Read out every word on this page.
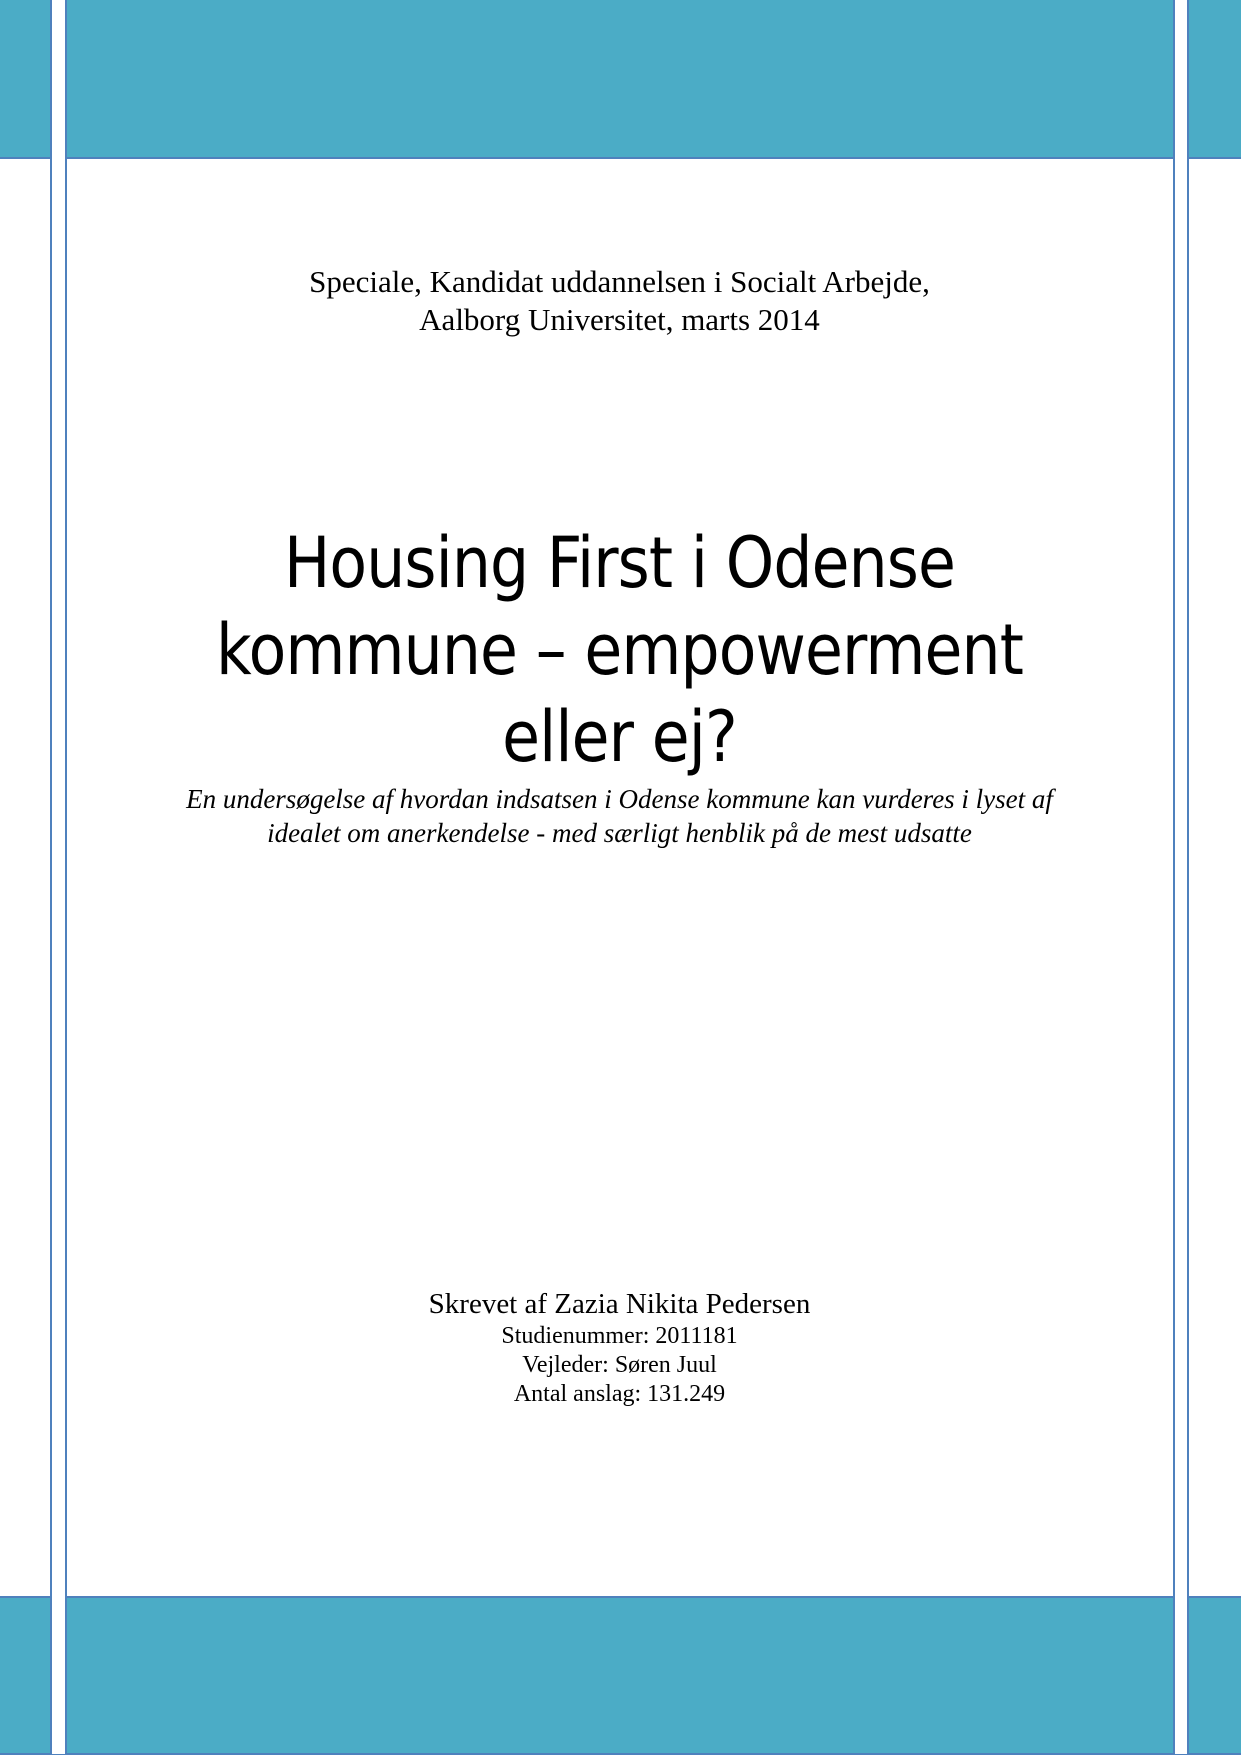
Speciale, Kandidat uddannelsen i Socialt Arbejde,
Aalborg Universitet, marts 2014
Housing First i Odense
kommune – empowerment
eller ej?
En undersøgelse af hvordan indsatsen i Odense kommune kan vurderes i lyset af
idealet om anerkendelse - med særligt henblik på de mest udsatte
Skrevet af Zazia Nikita Pedersen
Studienummer: 2011181
Vejleder: Søren Juul
Antal anslag: 131.249
